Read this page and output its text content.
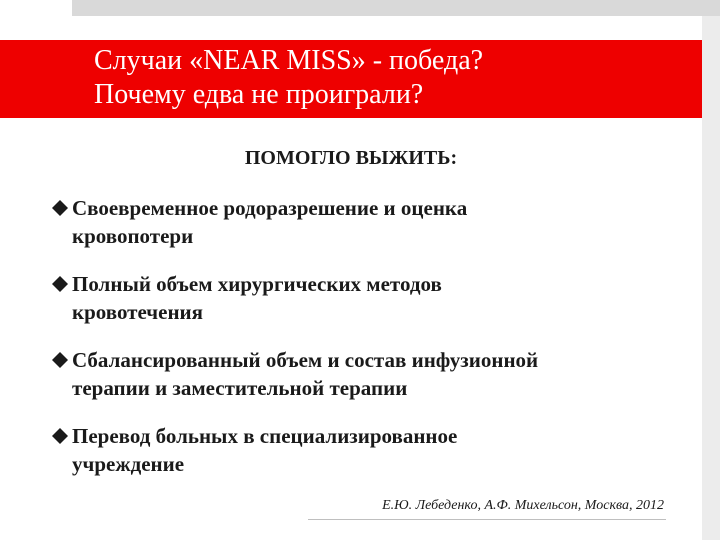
Случаи «NEAR MISS» - победа?
Почему едва не проиграли?
ПОМОГЛО ВЫЖИТЬ:
Своевременное родоразрешение и оценка
кровопотери
Полный объем хирургических методов
кровотечения
Сбалансированный объем и состав инфузионной
терапии и заместительной терапии
Перевод больных в специализированное
учреждение
Е.Ю. Лебеденко, А.Ф. Михельсон, Москва, 2012
